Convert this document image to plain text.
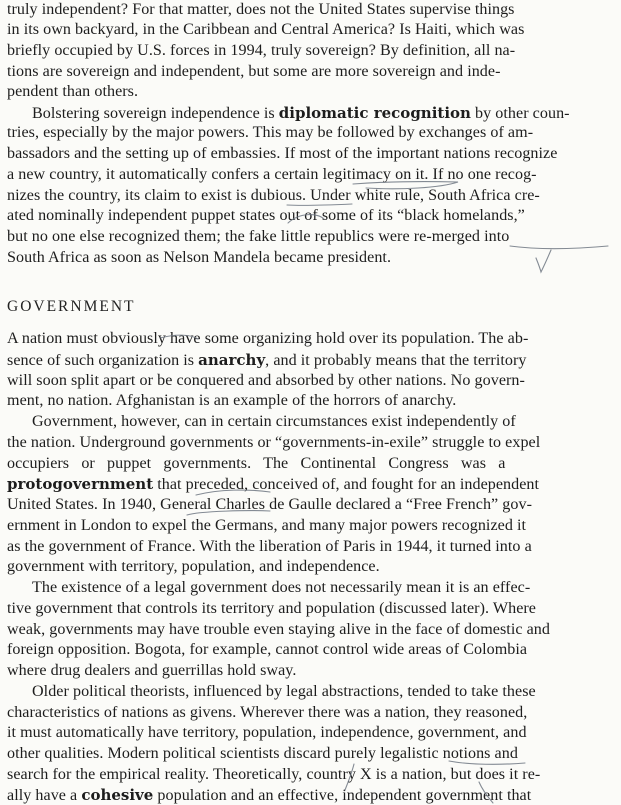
truly independent? For that matter, does not the United States supervise things
in its own backyard, in the Caribbean and Central America? Is Haiti, which was
briefly occupied by U.S. forces in 1994, truly sovereign? By definition, all na-
tions are sovereign and independent, but some are more sovereign and inde-
pendent than others.
Bolstering sovereign independence is diplomatic recognition by other coun-
tries, especially by the major powers. This may be followed by exchanges of am-
bassadors and the setting up of embassies. If most of the important nations recognize
a new country, it automatically confers a certain legitimacy on it. If no one recog-
nizes the country, its claim to exist is dubious. Under white rule, South Africa cre-
ated nominally independent puppet states out of some of its “black homelands,”
but no one else recognized them; the fake little republics were re-merged into
South Africa as soon as Nelson Mandela became president.
GOVERNMENT
A nation must obviously have some organizing hold over its population. The ab-
sence of such organization is anarchy, and it probably means that the territory
will soon split apart or be conquered and absorbed by other nations. No govern-
ment, no nation. Afghanistan is an example of the horrors of anarchy.
Government, however, can in certain circumstances exist independently of
the nation. Underground governments or “governments-in-exile” struggle to expel
occupiers   or   puppet   governments.   The   Continental   Congress   was   a
protogovernment that preceded, conceived of, and fought for an independent
United States. In 1940, General Charles de Gaulle declared a “Free French” gov-
ernment in London to expel the Germans, and many major powers recognized it
as the government of France. With the liberation of Paris in 1944, it turned into a
government with territory, population, and independence.
The existence of a legal government does not necessarily mean it is an effec-
tive government that controls its territory and population (discussed later). Where
weak, governments may have trouble even staying alive in the face of domestic and
foreign opposition. Bogota, for example, cannot control wide areas of Colombia
where drug dealers and guerrillas hold sway.
Older political theorists, influenced by legal abstractions, tended to take these
characteristics of nations as givens. Wherever there was a nation, they reasoned,
it must automatically have territory, population, independence, government, and
other qualities. Modern political scientists discard purely legalistic notions and
search for the empirical reality. Theoretically, country X is a nation, but does it re-
ally have a cohesive population and an effective, independent government that
